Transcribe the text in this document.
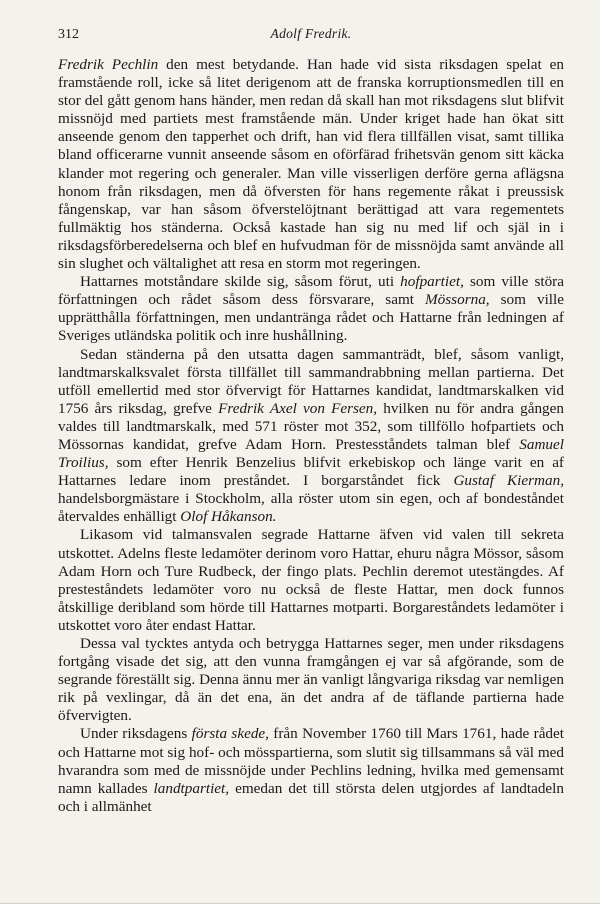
312	Adolf Fredrik.

Fredrik Pechlin den mest betydande. Han hade vid sista riksdagen spelat en framstående roll, icke så litet derigenom att de franska korruptionsmedlen till en stor del gått genom hans händer, men redan då skall han mot riksdagens slut blifvit missnöjd med partiets mest framstående män. Under kriget hade han ökat sitt anseende genom den tapperhet och drift, han vid flera tillfällen visat, samt tillika bland officerarne vunnit anseende såsom en oförfärad frihetsvän genom sitt käcka klander mot regering och generaler. Man ville visserligen derföre gerna aflägsna honom från riksdagen, men då öfversten för hans regemente råkat i preussisk fångenskap, var han såsom öfverstelöjtnant berättigad att vara regementets fullmäktig hos ständerna. Också kastade han sig nu med lif och själ in i riksdagsförberedelserna och blef en hufvudman för de missnöjda samt använde all sin slughet och vältalighet att resa en storm mot regeringen.

Hattarnes motståndare skilde sig, såsom förut, uti hofpartiet, som ville störa författningen och rådet såsom dess försvarare, samt Mössorna, som ville upprätthålla författningen, men undantränga rådet och Hattarne från ledningen af Sveriges utländska politik och inre hushållning.

Sedan ständerna på den utsatta dagen sammanträdt, blef, såsom vanligt, landtmarskalksvalet första tillfället till sammandrabbning mellan partierna. Det utföll emellertid med stor öfvervigt för Hattarnes kandidat, landtmarskalken vid 1756 års riksdag, grefve Fredrik Axel von Fersen, hvilken nu för andra gången valdes till landtmarskalk, med 571 röster mot 352, som tillföllo hofpartiets och Mössornas kandidat, grefve Adam Horn. Prestesståndets talman blef Samuel Troilius, som efter Henrik Benzelius blifvit erkebiskop och länge varit en af Hattarnes ledare inom preståndet. I borgarståndet fick Gustaf Kierman, handelsborgmästare i Stockholm, alla röster utom sin egen, och af bondeståndet återvaldes enhälligt Olof Håkanson.

Likasom vid talmansvalen segrade Hattarne äfven vid valen till sekreta utskottet. Adelns fleste ledamöter derinom voro Hattar, ehuru några Mössor, såsom Adam Horn och Ture Rudbeck, der fingo plats. Pechlin deremot utestängdes. Af presteståndets ledamöter voro nu också de fleste Hattar, men dock funnos åtskillige deribland som hörde till Hattarnes motparti. Borgareståndets ledamöter i utskottet voro åter endast Hattar.

Dessa val tycktes antyda och betrygga Hattarnes seger, men under riksdagens fortgång visade det sig, att den vunna framgången ej var så afgörande, som de segrande föreställt sig. Denna ännu mer än vanligt långvariga riksdag var nemligen rik på vexlingar, då än det ena, än det andra af de täflande partierna hade öfvervigten.

Under riksdagens första skede, från November 1760 till Mars 1761, hade rådet och Hattarne mot sig hof- och mösspartierna, som slutit sig tillsammans så väl med hvarandra som med de missnöjde under Pechlins ledning, hvilka med gemensamt namn kallades landtpartiet, emedan det till största delen utgjordes af landtadeln och i allmänhet
